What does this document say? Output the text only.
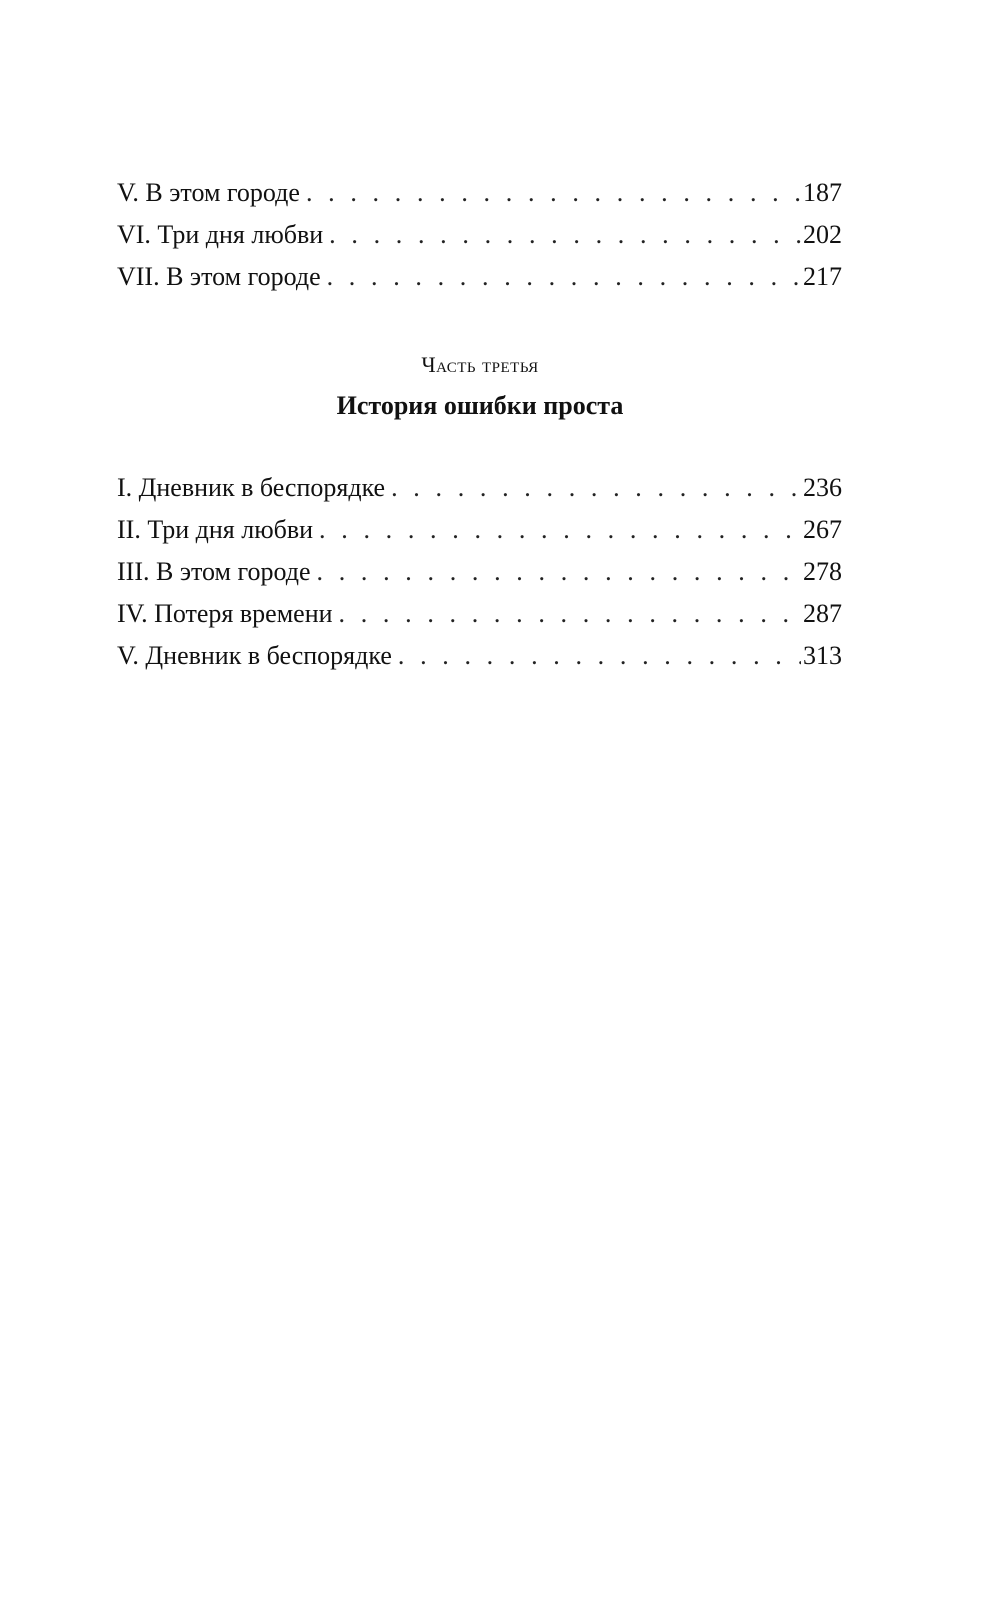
V. В этом городе . . .	187
VI. Три дня любви . . .	202
VII. В этом городе . . .	217
Часть третья
История ошибки проста
I. Дневник в беспорядке . . .	236
II. Три дня любви . . .	267
III. В этом городе . . .	278
IV. Потеря времени . . .	287
V. Дневник в беспорядке . . .	313
